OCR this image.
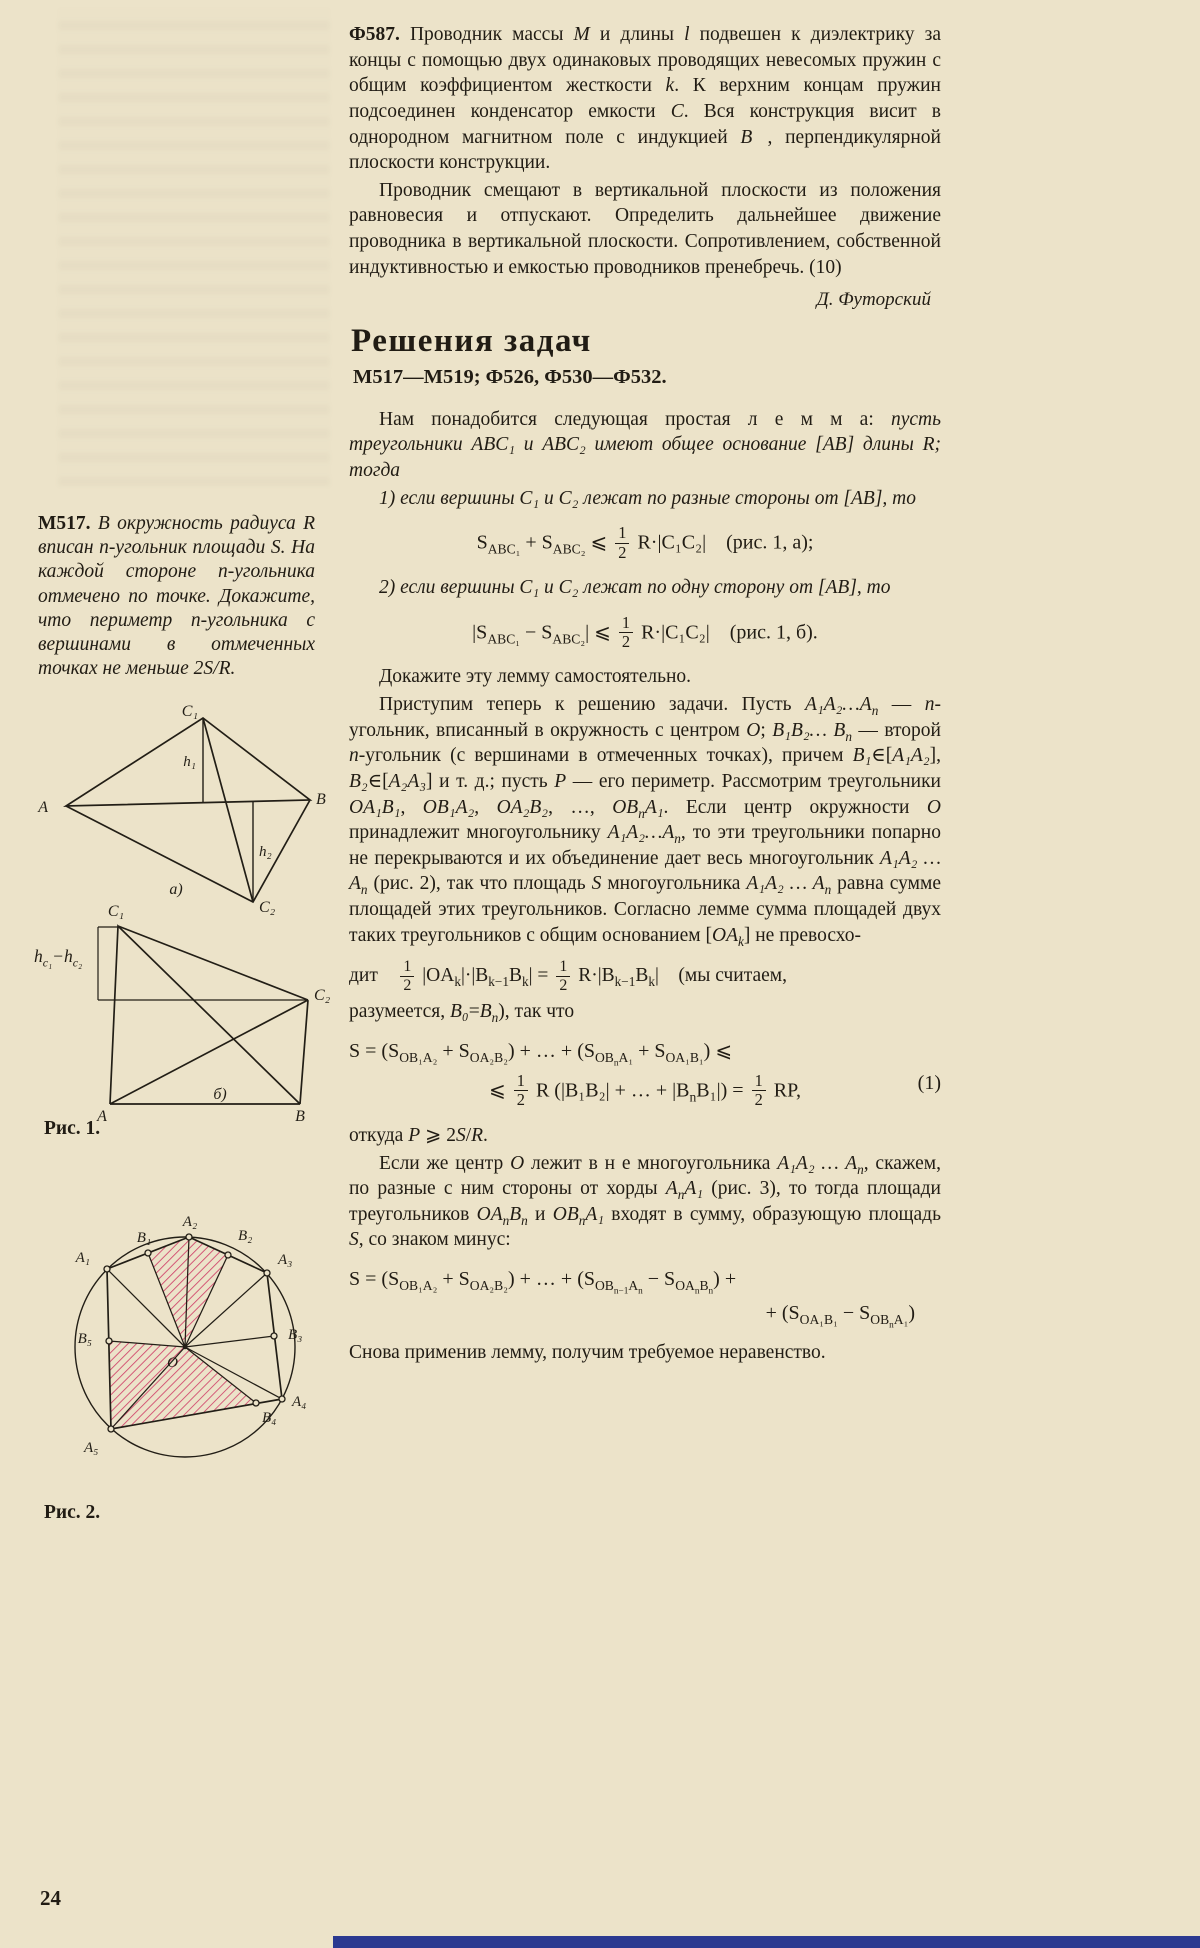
Ф587. Проводник массы M и длины l подвешен к диэлектрику за концы с помощью двух одинаковых проводящих невесомых пружин с общим коэффициентом жесткости k. К верхним концам пружин подсоединен конденсатор емкости C. Вся конструкция висит в однородном магнитном поле с индукцией B⃗, перпендикулярной плоскости конструкции.

Проводник смещают в вертикальной плоскости из положения равновесия и отпускают. Определить дальнейшее движение проводника в вертикальной плоскости. Сопротивлением, собственной индуктивностью и емкостью проводников пренебречь. (10)

Д. Футорский

Решения задач
М517—М519; Ф526, Ф530—Ф532.

Нам понадобится следующая простая л е м м а: пусть треугольники ABC₁ и ABC₂ имеют общее основание [AB] длины R; тогда

1) если вершины C₁ и C₂ лежат по разные стороны от [AB], то

$S_{ABC_1} + S_{ABC_2}$ ⩽ $\frac{1}{2} R\cdot|C_1C_2|$ (рис. 1, а);

2) если вершины C₁ и C₂ лежат по одну сторону от [AB], то

$|S_{ABC_1} - S_{ABC_2}|$ ⩽ $\frac{1}{2} R\cdot|C_1C_2|$ (рис. 1, б).

Докажите эту лемму самостоятельно.

Приступим теперь к решению задачи. Пусть $A_1A_2\dots A_n$ — n-угольник, вписанный в окружность с центром O; B₁B₂… $B_n$ — второй n-угольник (с вершинами в отмеченных точках), причем B₁∈[A₁A₂], B₂∈[A₂A₃] и т. д.; пусть P — его периметр. Рассмотрим треугольники OA₁B₁, OB₁A₂, OA₂B₂, …, $OB_nA_1$. Если центр окружности O принадлежит многоугольнику $A_1A_2\dots A_n$, то эти треугольники попарно не перекрываются и их объединение дает весь многоугольник A₁A₂ … $A_n$ (рис. 2), так что площадь S многоугольника A₁A₂ … $A_n$ равна сумме площадей этих треугольников. Согласно лемме сумма площадей двух таких треугольников с общим основанием $[OA_k]$ не превосхо-

дит  $\frac{1}{2} |OA_k|\cdot|B_{k-1}B_k| = \frac{1}{2} R\cdot|B_{k-1}B_k|$ (мы считаем,

разумеется, $B_0=B_n$), так что

$S = (S_{OB_1A_2} + S_{OA_2B_2})$ + … + $(S_{OB_nA_1} + S_{OA_1B_1})$ ⩽
⩽ $\frac{1}{2}$ R (|B₁B₂| + … + $|B_nB_1|) = \frac{1}{2}$ RP,	(1)

откуда P ⩾ 2S/R.

Если же центр O лежит в н е многоугольника A₁A₂ … $A_n$, скажем, по разные с ним стороны от хорды $A_nA_1$ (рис. 3), то тогда площади треугольников $OA_nB_n$ и $OB_nA_1$ входят в сумму, образующую площадь S, со знаком минус:

$S = (S_{OB_1A_2} + S_{OA_2B_2})$ + … + $(S_{OB_{n-1}A_n} - S_{OA_nB_n})$ +
+ $(S_{OA_1B_1} - S_{OB_nA_1})$

Снова применив лемму, получим требуемое неравенство.

М517. В окружность радиуса R вписан n-угольник площади S. На каждой стороне n-угольника отмечено по точке. Докажите, что периметр n-угольника с вершинами в отмеченных точках не меньше 2S/R.

C₁
h₁
A	B
h₂
C₂
а)
C₁
C₂
A	B
б)
$h_{c_1}-h_{c_2}$
Рис. 1.
A₁
B₁
A₂
B₂
A₃
B₃
A₄
B₄
A₅
B₅
O
Рис. 2.
24
